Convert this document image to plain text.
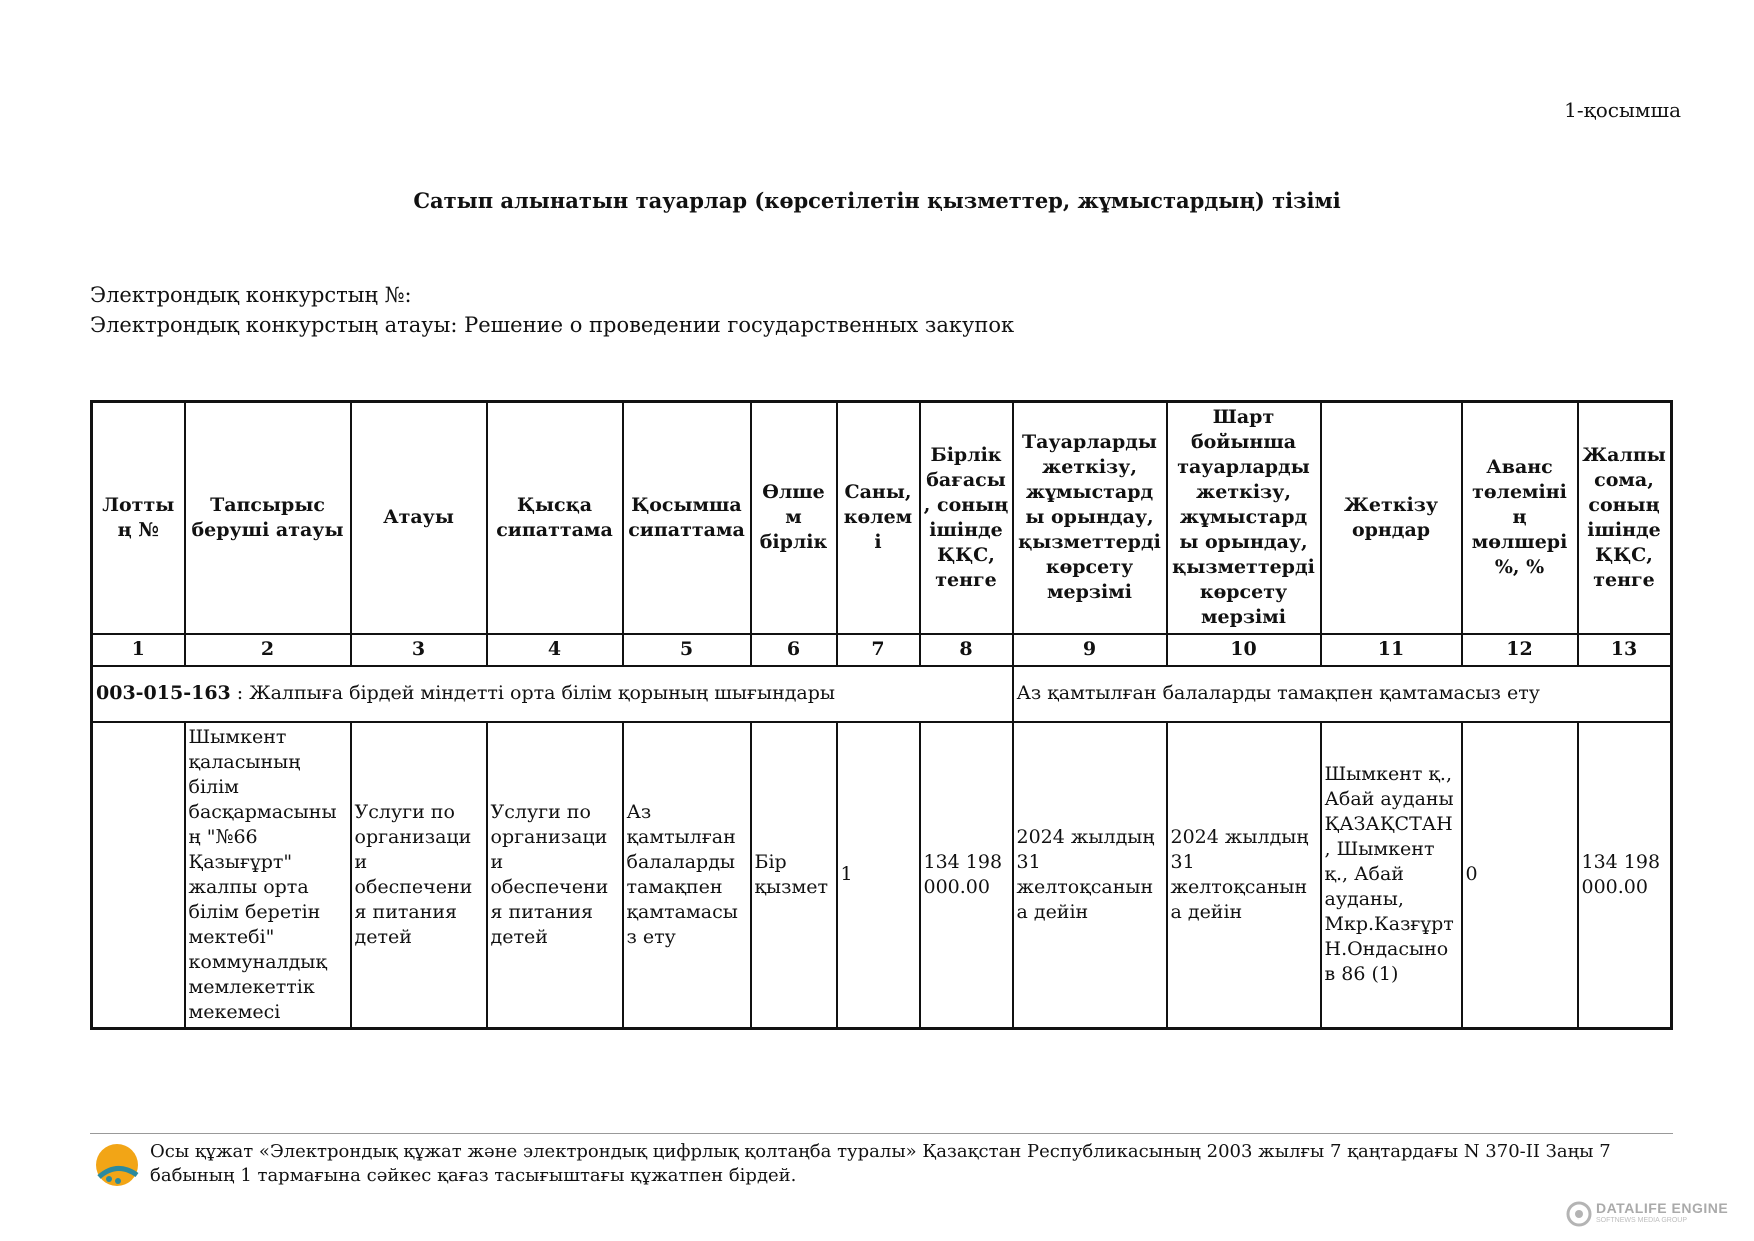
1-қосымша
Сатып алынатын тауарлар (көрсетілетін қызметтер, жұмыстардың) тізімі
Электрондық конкурстың №:
Электрондық конкурстың атауы: Решение о проведении государственных закупок
Лоттың №	Тапсырыс беруші атауы	Атауы	Қысқа сипаттама	Қосымша сипаттама	Өлшем бірлік	Саны, көлемі	Бірлік бағасы, соның ішінде ҚҚС, тенге	Тауарларды жеткізу, жұмыстарды орындау, қызметтерді көрсету мерзімі	Шарт бойынша тауарларды жеткізу, жұмыстарды орындау, қызметтерді көрсету мерзімі	Жеткізу орндар	Аванс төлемінің мөлшері %, %	Жалпы сома, соның ішінде ҚҚС, тенге	
1	2	3	4	5	6	7	8	9	10	11	12	13	
003-015-163 : Жалпыға бірдей міндетті орта білім қорының шығындары								Аз қамтылған балаларды тамақпен қамтамасыз ету					
	Шымкент қаласының білім басқармасының "№66 Қазығұрт" жалпы орта білім беретін мектебі" коммуналдық мемлекеттік мекемесі	Услуги по организации обеспечения питания детей	Услуги по организации обеспечения питания детей	Аз қамтылған балаларды тамақпен қамтамасыз ету	Бір қызмет	1	134 198 000.00	2024 жылдың 31 желтоқсанына дейін	2024 жылдың 31 желтоқсанына дейін	Шымкент қ., Абай ауданы ҚАЗАҚСТАН, Шымкент қ., Абай ауданы, Мкр.Казғұрт Н.Ондасынов 86 (1)	0	134 198 000.00	
Осы құжат «Электрондық құжат және электрондық цифрлық қолтаңба туралы» Қазақстан Республикасының 2003 жылғы 7 қаңтардағы N 370-II Заңы 7 бабының 1 тармағына сәйкес қағаз тасығыштағы құжатпен бірдей.
DATALIFE ENGINE
SOFTNEWS MEDIA GROUP
